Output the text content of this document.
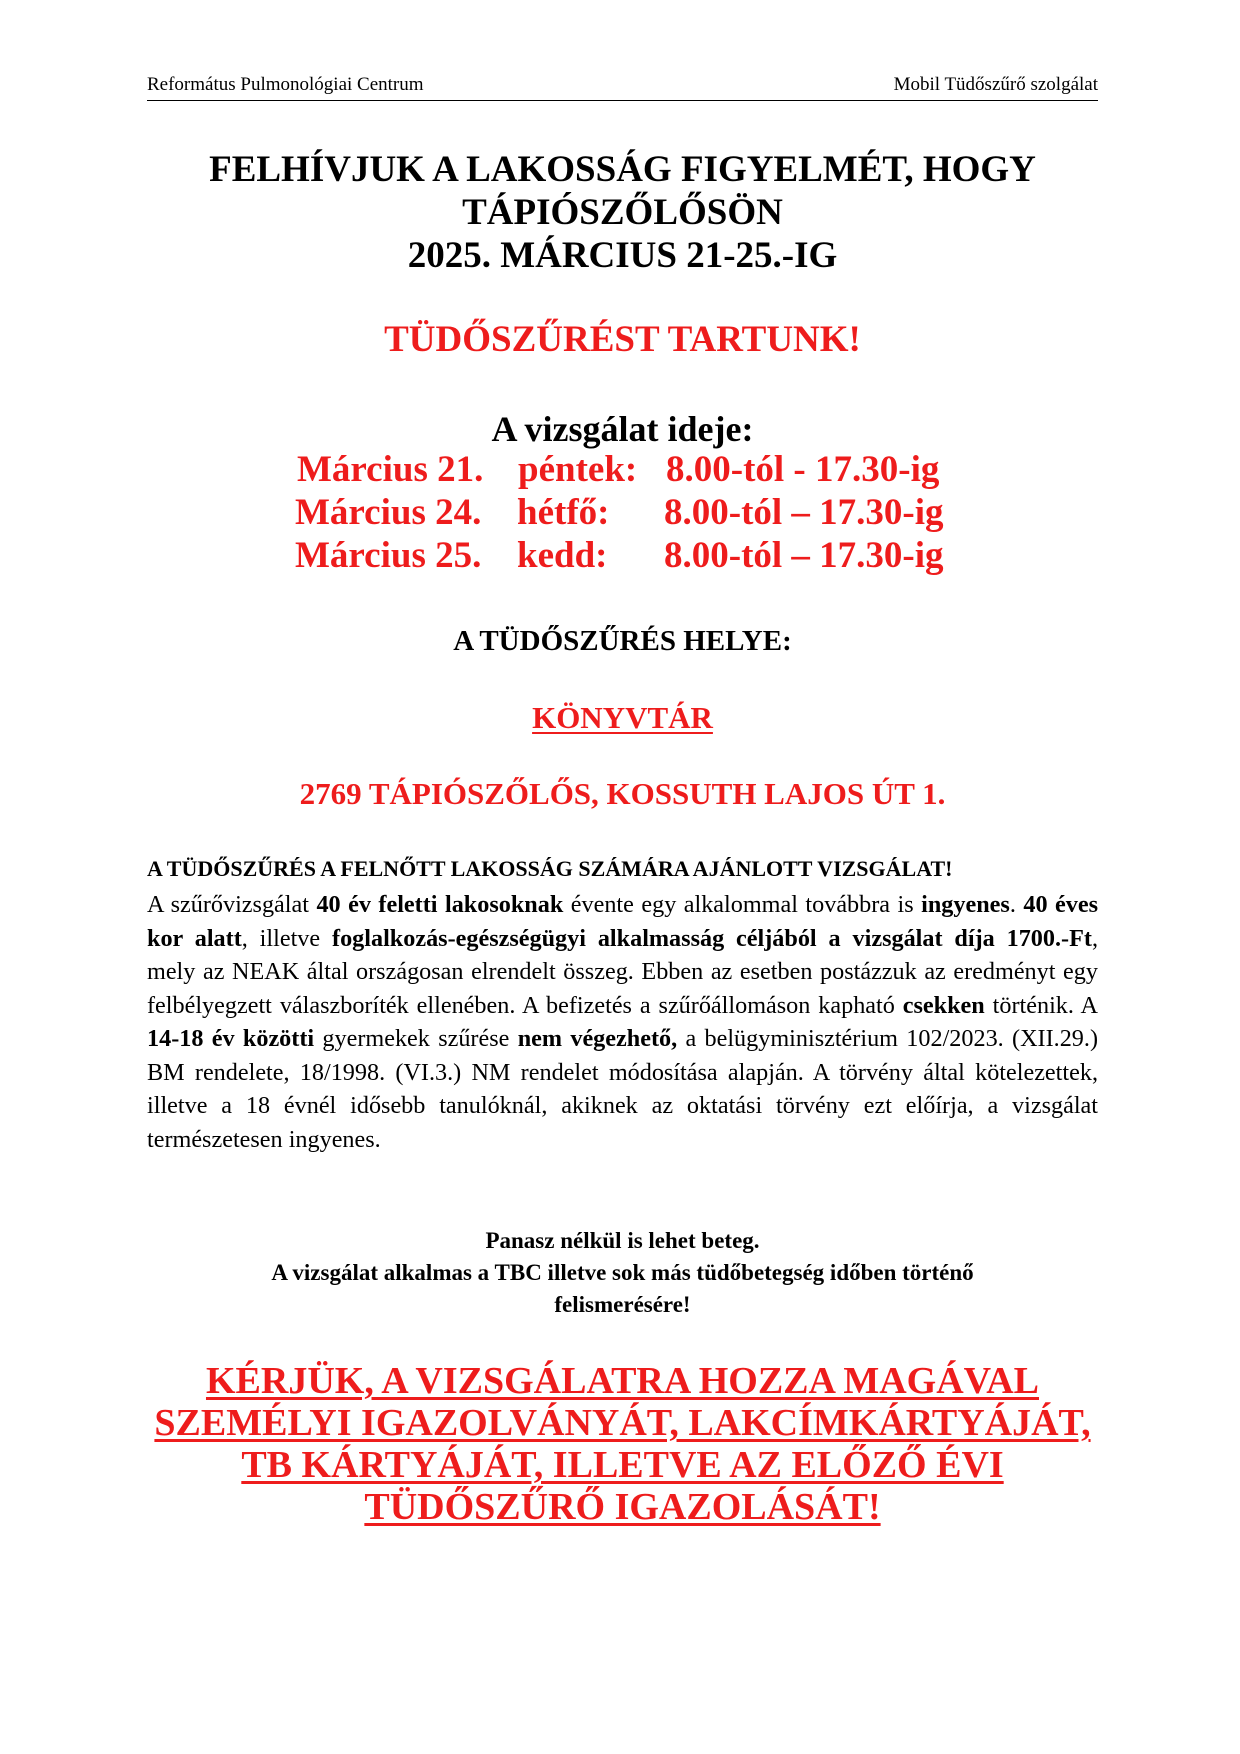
Református Pulmonológiai Centrum	Mobil Tüdőszűrő szolgálat
FELHÍVJUK A LAKOSSÁG FIGYELMÉT, HOGY
TÁPIÓSZŐLŐSÖN
2025. MÁRCIUS 21-25.-IG
TÜDŐSZŰRÉST TARTUNK!
A vizsgálat ideje:
Március 21. péntek: 8.00-tól - 17.30-ig
Március 24. hétfő: 8.00-tól – 17.30-ig
Március 25. kedd: 8.00-tól – 17.30-ig
A TÜDŐSZŰRÉS HELYE:
KÖNYVTÁR
2769 TÁPIÓSZŐLŐS, KOSSUTH LAJOS ÚT 1.
A TÜDŐSZŰRÉS A FELNŐTT LAKOSSÁG SZÁMÁRA AJÁNLOTT VIZSGÁLAT!
A szűrővizsgálat 40 év feletti lakosoknak évente egy alkalommal továbbra is ingyenes. 40 éves kor alatt, illetve foglalkozás-egészségügyi alkalmasság céljából a vizsgálat díja 1700.-Ft, mely az NEAK által országosan elrendelt összeg. Ebben az esetben postázzuk az eredményt egy felbélyegzett válaszboríték ellenében. A befizetés a szűrőállomáson kapható csekken történik. A 14-18 év közötti gyermekek szűrése nem végezhető, a belügyminisztérium 102/2023. (XII.29.) BM rendelete, 18/1998. (VI.3.) NM rendelet módosítása alapján. A törvény által kötelezettek, illetve a 18 évnél idősebb tanulóknál, akiknek az oktatási törvény ezt előírja, a vizsgálat természetesen ingyenes.
Panasz nélkül is lehet beteg.
A vizsgálat alkalmas a TBC illetve sok más tüdőbetegség időben történő
felismerésére!
KÉRJÜK, A VIZSGÁLATRA HOZZA MAGÁVAL
SZEMÉLYI IGAZOLVÁNYÁT, LAKCÍMKÁRTYÁJÁT,
TB KÁRTYÁJÁT, ILLETVE AZ ELŐZŐ ÉVI
TÜDŐSZŰRŐ IGAZOLÁSÁT!
